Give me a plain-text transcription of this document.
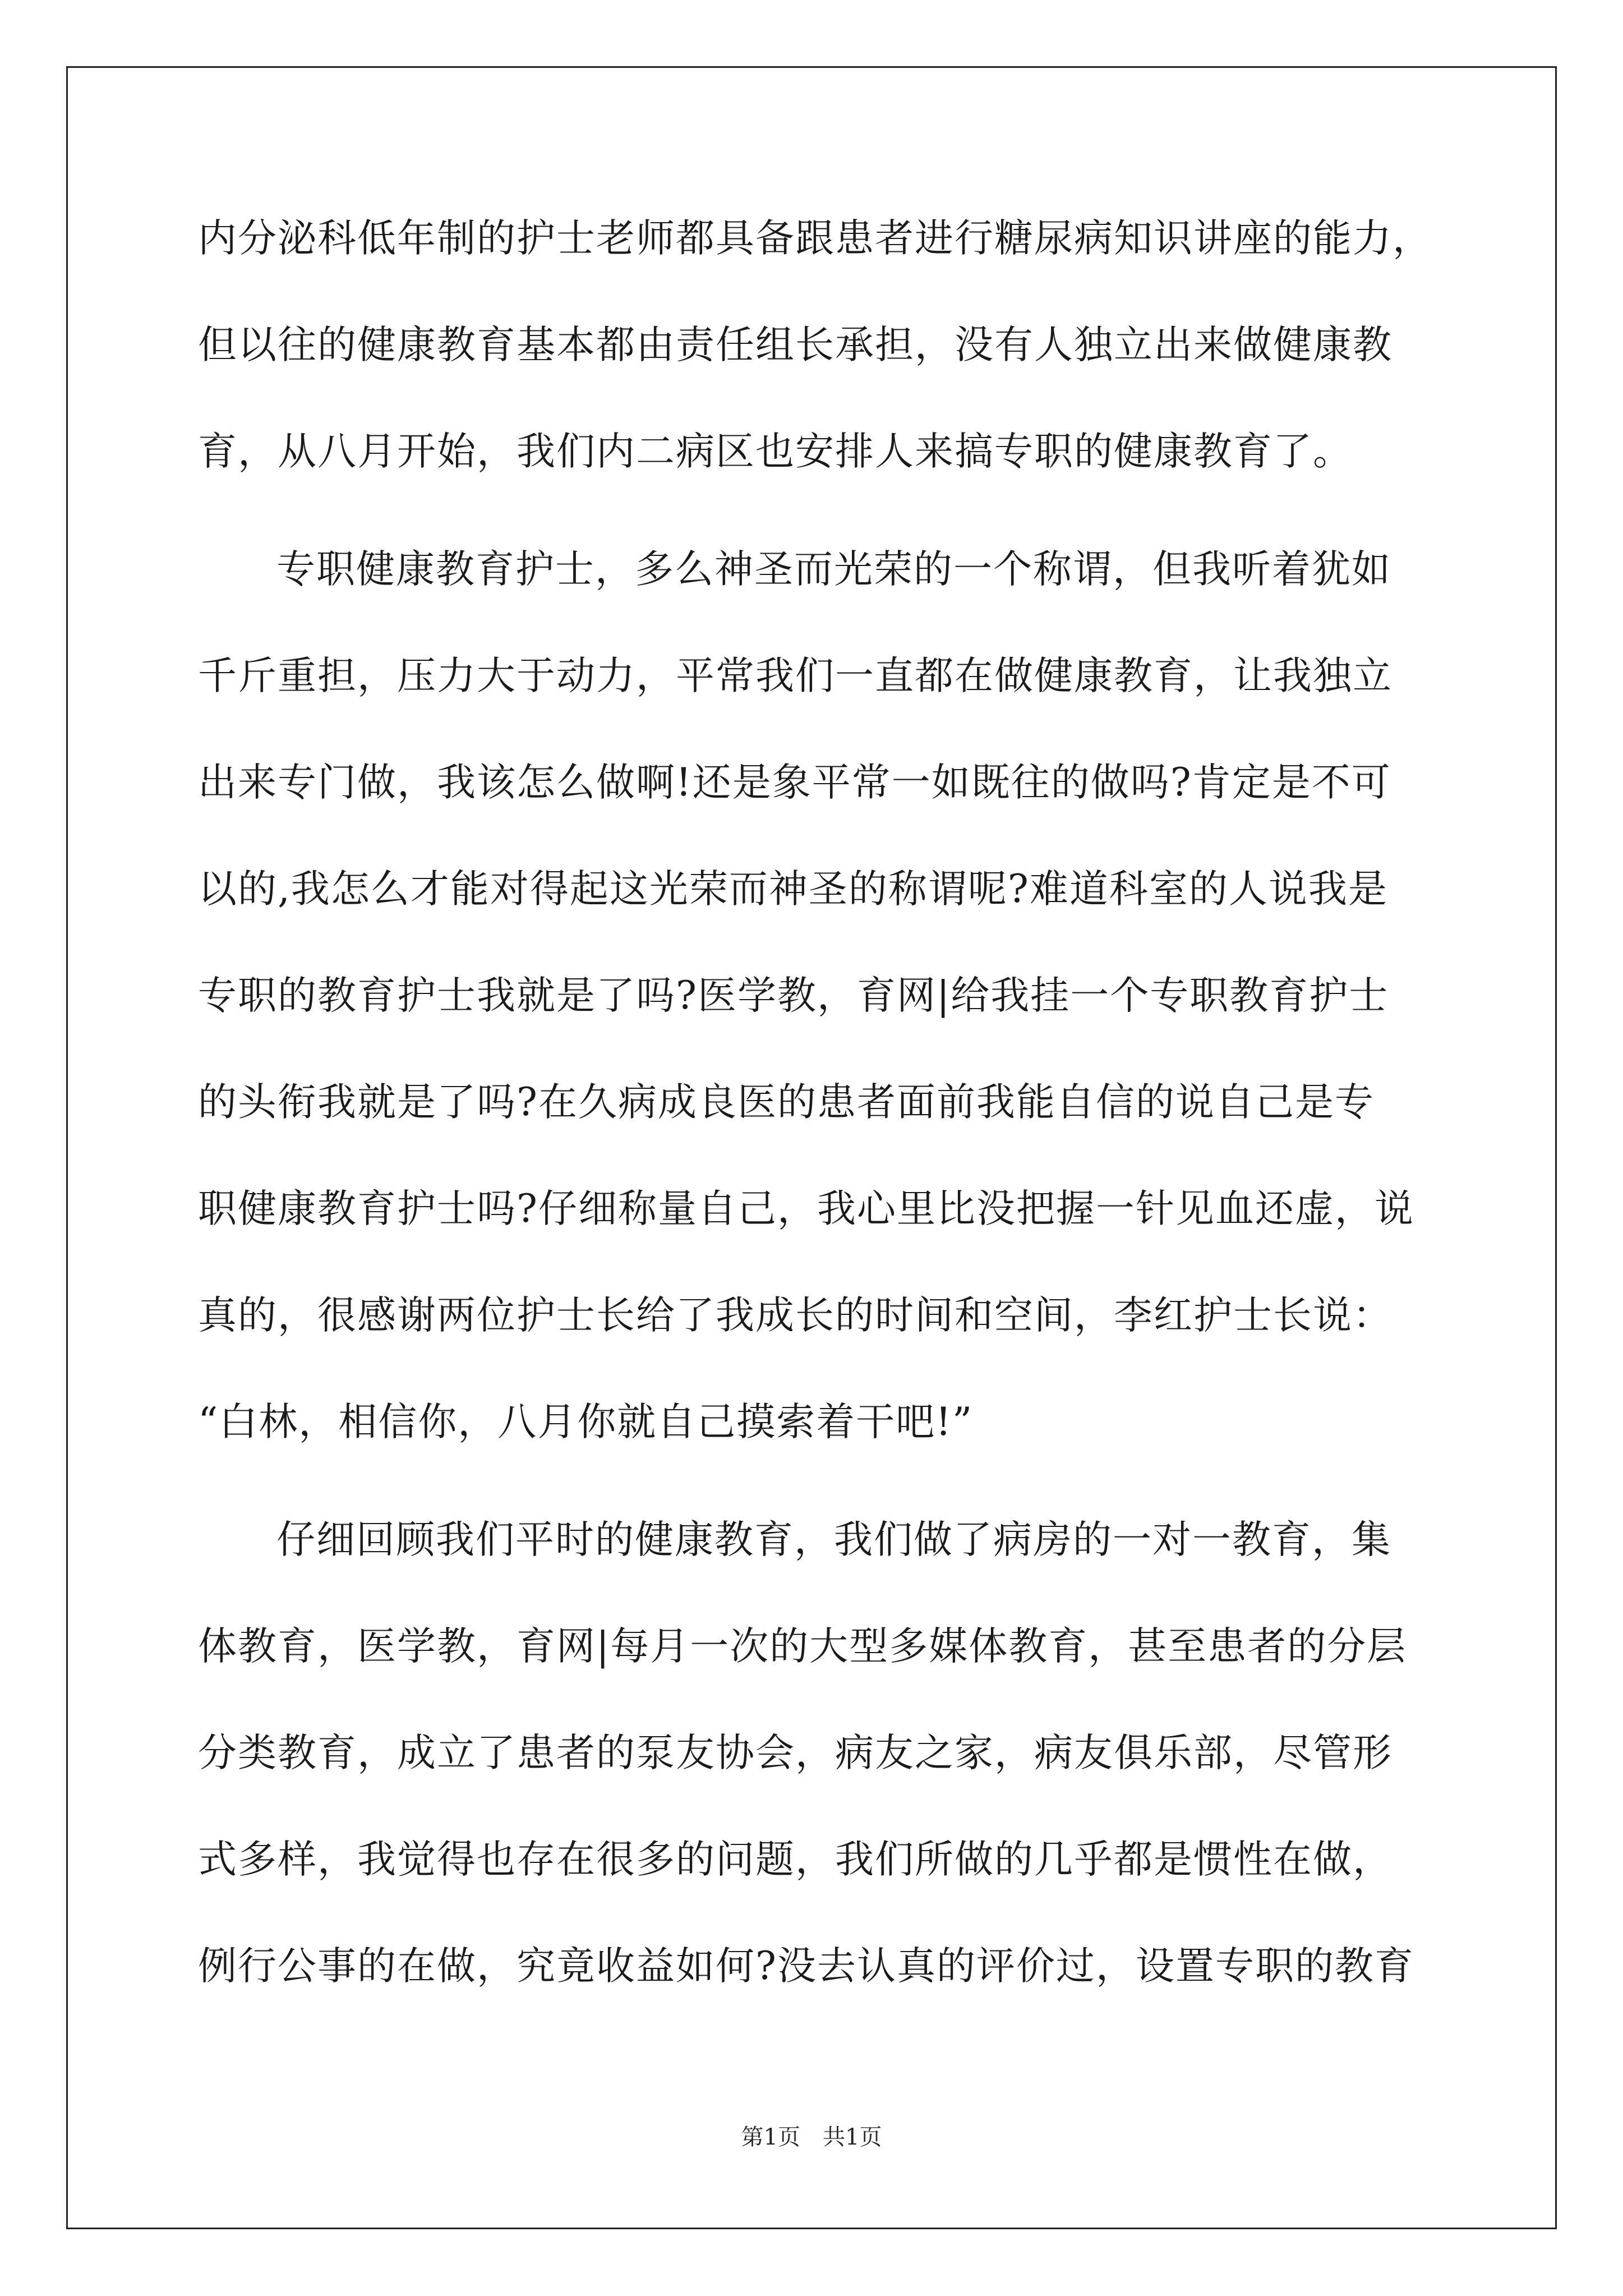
内分泌科低年制的护士老师都具备跟患者进行糖尿病知识讲座的能力，
但以往的健康教育基本都由责任组长承担，没有人独立出来做健康教
育，从八月开始，我们内二病区也安排人来搞专职的健康教育了。
专职健康教育护士，多么神圣而光荣的一个称谓，但我听着犹如
千斤重担，压力大于动力，平常我们一直都在做健康教育，让我独立
出来专门做，我该怎么做啊!还是象平常一如既往的做吗?肯定是不可
以的,我怎么才能对得起这光荣而神圣的称谓呢?难道科室的人说我是
专职的教育护士我就是了吗?医学教，育网|给我挂一个专职教育护士
的头衔我就是了吗?在久病成良医的患者面前我能自信的说自己是专
职健康教育护士吗?仔细称量自己，我心里比没把握一针见血还虚，说
真的，很感谢两位护士长给了我成长的时间和空间，李红护士长说：
“白林，相信你，八月你就自己摸索着干吧!”
仔细回顾我们平时的健康教育，我们做了病房的一对一教育，集
体教育，医学教，育网|每月一次的大型多媒体教育，甚至患者的分层
分类教育，成立了患者的泵友协会，病友之家，病友俱乐部，尽管形
式多样，我觉得也存在很多的问题，我们所做的几乎都是惯性在做，
例行公事的在做，究竟收益如何?没去认真的评价过，设置专职的教育
第1页 共1页
